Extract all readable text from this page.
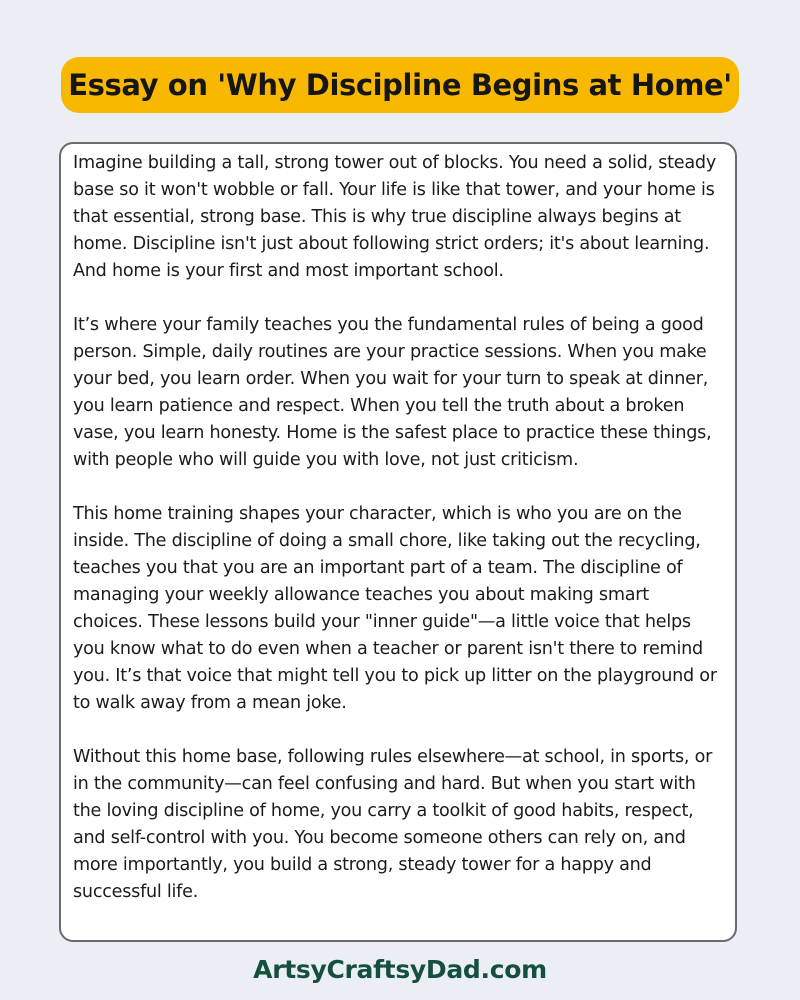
Essay on 'Why Discipline Begins at Home'

Imagine building a tall, strong tower out of blocks. You need a solid, steady base so it won't wobble or fall. Your life is like that tower, and your home is that essential, strong base. This is why true discipline always begins at home. Discipline isn't just about following strict orders; it's about learning. And home is your first and most important school.

It’s where your family teaches you the fundamental rules of being a good person. Simple, daily routines are your practice sessions. When you make your bed, you learn order. When you wait for your turn to speak at dinner, you learn patience and respect. When you tell the truth about a broken vase, you learn honesty. Home is the safest place to practice these things, with people who will guide you with love, not just criticism.

This home training shapes your character, which is who you are on the inside. The discipline of doing a small chore, like taking out the recycling, teaches you that you are an important part of a team. The discipline of managing your weekly allowance teaches you about making smart choices. These lessons build your "inner guide"—a little voice that helps you know what to do even when a teacher or parent isn't there to remind you. It’s that voice that might tell you to pick up litter on the playground or to walk away from a mean joke.

Without this home base, following rules elsewhere—at school, in sports, or in the community—can feel confusing and hard. But when you start with the loving discipline of home, you carry a toolkit of good habits, respect, and self-control with you. You become someone others can rely on, and more importantly, you build a strong, steady tower for a happy and successful life.

ArtsyCraftsyDad.com
